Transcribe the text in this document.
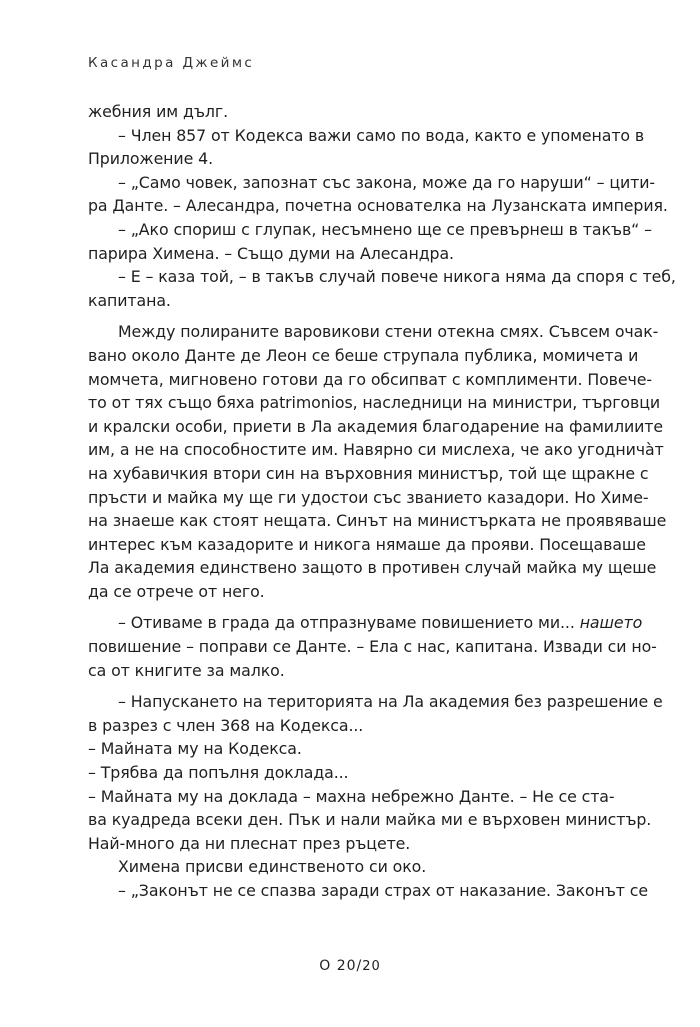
Касандра Джеймс
жебния им дълг.
– Член 857 от Кодекса важи само по вода, както е упоменато в
Приложение 4.
– „Само човек, запознат със закона, може да го наруши“ – цити-
ра Данте. – Алесандра, почетна основателка на Лузанската империя.
– „Ако спориш с глупак, несъмнено ще се превърнеш в такъв“ –
парира Химена. – Също думи на Алесандра.
– Е – каза той, – в такъв случай повече никога няма да споря с теб,
капитана.
Между полираните варовикови стени отекна смях. Съвсем очак-
вано около Данте де Леон се беше струпала публика, момичета и
момчета, мигновено готови да го обсипват с комплименти. Повече-
то от тях също бяха patrimonios, наследници на министри, търговци
и кралски особи, приети в Ла академия благодарение на фамилиите
им, а не на способностите им. Навярно си мислеха, че ако угоднича̀т
на хубавичкия втори син на върховния министър, той ще щракне с
пръсти и майка му ще ги удостои със званието казадори. Но Химе-
на знаеше как стоят нещата. Синът на министърката не проявяваше
интерес към казадорите и никога нямаше да прояви. Посещаваше
Ла академия единствено защото в противен случай майка му щеше
да се отрече от него.
– Отиваме в града да отпразнуваме повишението ми... нашето
повишение – поправи се Данте. – Ела с нас, капитана. Извади си но-
са от книгите за малко.
– Напускането на територията на Ла академия без разрешение е
в разрез с член 368 на Кодекса...
– Майната му на Кодекса.
– Трябва да попълня доклада...
– Майната му на доклада – махна небрежно Данте. – Не се ста-
ва куадреда всеки ден. Пък и нали майка ми е върховен министър.
Най-много да ни плеснат през ръцете.
Химена присви единственото си око.
– „Законът не се спазва заради страх от наказание. Законът се
О 20/20
